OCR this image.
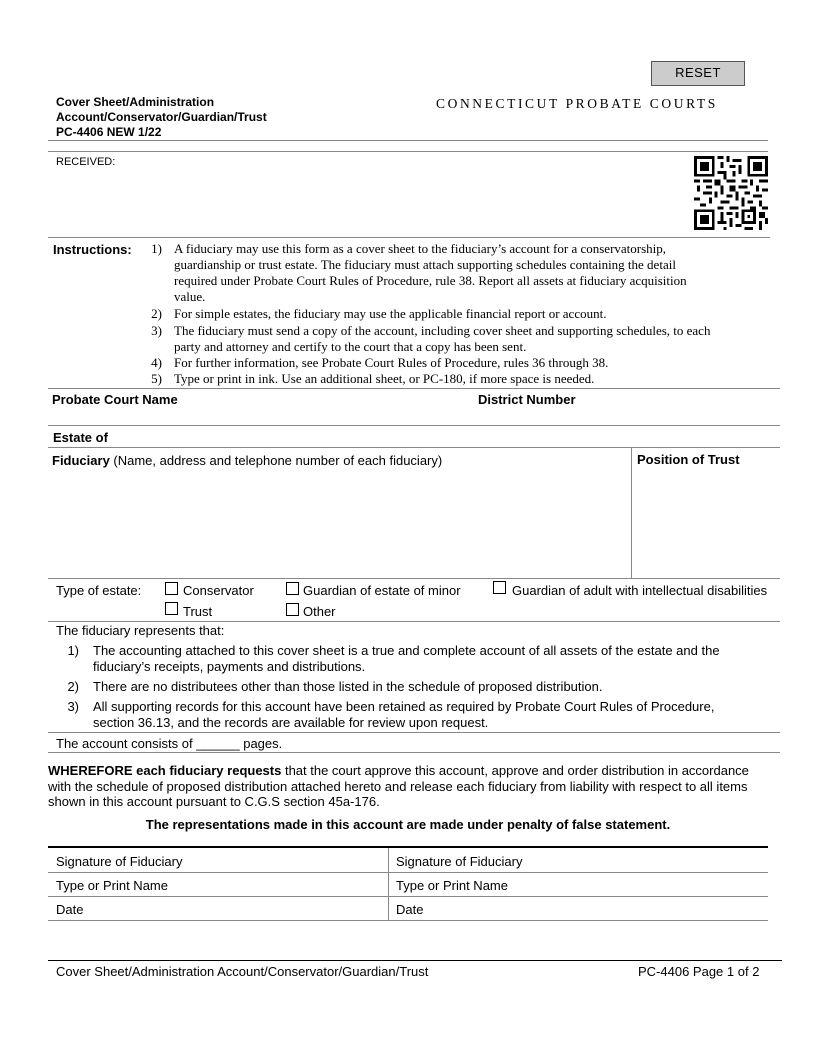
RESET
Cover Sheet/Administration
Account/Conservator/Guardian/Trust
PC-4406 NEW 1/22
CONNECTICUT PROBATE COURTS
RECEIVED:
Instructions:	1) A fiduciary may use this form as a cover sheet to the fiduciary’s account for a conservatorship,
guardianship or trust estate. The fiduciary must attach supporting schedules containing the detail
required under Probate Court Rules of Procedure, rule 38. Report all assets at fiduciary acquisition
value.
2) For simple estates, the fiduciary may use the applicable financial report or account.
3) The fiduciary must send a copy of the account, including cover sheet and supporting schedules, to each
party and attorney and certify to the court that a copy has been sent.
4) For further information, see Probate Court Rules of Procedure, rules 36 through 38.
5) Type or print in ink. Use an additional sheet, or PC-180, if more space is needed.
Probate Court Name	District Number
Estate of
Fiduciary (Name, address and telephone number of each fiduciary)	Position of Trust
Type of estate:	Conservator	Guardian of estate of minor	Guardian of adult with intellectual disabilities
Trust	Other
The fiduciary represents that:
1) The accounting attached to this cover sheet is a true and complete account of all assets of the estate and the
fiduciary’s receipts, payments and distributions.
2) There are no distributees other than those listed in the schedule of proposed distribution.
3) All supporting records for this account have been retained as required by Probate Court Rules of Procedure,
section 36.13, and the records are available for review upon request.
The account consists of ______ pages.
WHEREFORE each fiduciary requests that the court approve this account, approve and order distribution in accordance
with the schedule of proposed distribution attached hereto and release each fiduciary from liability with respect to all items
shown in this account pursuant to C.G.S section 45a-176.
The representations made in this account are made under penalty of false statement.
Signature of Fiduciary	Signature of Fiduciary
Type or Print Name	Type or Print Name
Date	Date
Cover Sheet/Administration Account/Conservator/Guardian/Trust	PC-4406 Page 1 of 2
